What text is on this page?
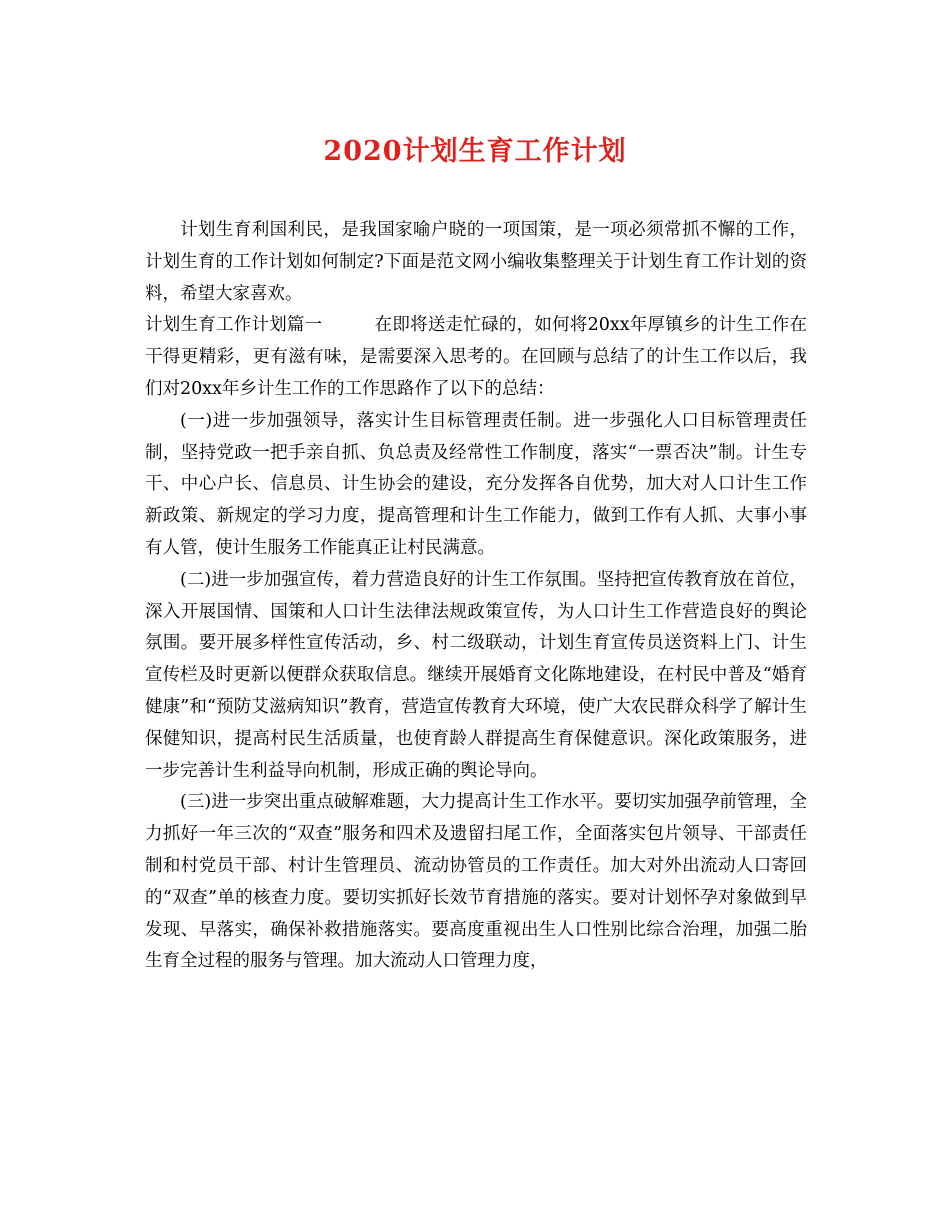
2020计划生育工作计划

计划生育利国利民，是我国家喻户晓的一项国策，是一项必须常抓不懈的工作，计划生育的工作计划如何制定?下面是范文网小编收集整理关于计划生育工作计划的资料，希望大家喜欢。

计划生育工作计划篇一	在即将送走忙碌的，如何将20xx年厚镇乡的计生工作在干得更精彩，更有滋有味，是需要深入思考的。在回顾与总结了的计生工作以后，我们对20xx年乡计生工作的工作思路作了以下的总结：

(一)进一步加强领导，落实计生目标管理责任制。进一步强化人口目标管理责任制，坚持党政一把手亲自抓、负总责及经常性工作制度，落实“一票否决”制。计生专干、中心户长、信息员、计生协会的建设，充分发挥各自优势，加大对人口计生工作新政策、新规定的学习力度，提高管理和计生工作能力，做到工作有人抓、大事小事有人管，使计生服务工作能真正让村民满意。

(二)进一步加强宣传，着力营造良好的计生工作氛围。坚持把宣传教育放在首位，深入开展国情、国策和人口计生法律法规政策宣传，为人口计生工作营造良好的舆论氛围。要开展多样性宣传活动，乡、村二级联动，计划生育宣传员送资料上门、计生宣传栏及时更新以便群众获取信息。继续开展婚育文化陈地建设，在村民中普及“婚育健康”和“预防艾滋病知识”教育，营造宣传教育大环境，使广大农民群众科学了解计生保健知识，提高村民生活质量，也使育龄人群提高生育保健意识。深化政策服务，进一步完善计生利益导向机制，形成正确的舆论导向。

(三)进一步突出重点破解难题，大力提高计生工作水平。要切实加强孕前管理，全力抓好一年三次的“双查”服务和四术及遗留扫尾工作，全面落实包片领导、干部责任制和村党员干部、村计生管理员、流动协管员的工作责任。加大对外出流动人口寄回的“双查”单的核查力度。要切实抓好长效节育措施的落实。要对计划怀孕对象做到早发现、早落实，确保补救措施落实。要高度重视出生人口性别比综合治理，加强二胎生育全过程的服务与管理。加大流动人口管理力度，
